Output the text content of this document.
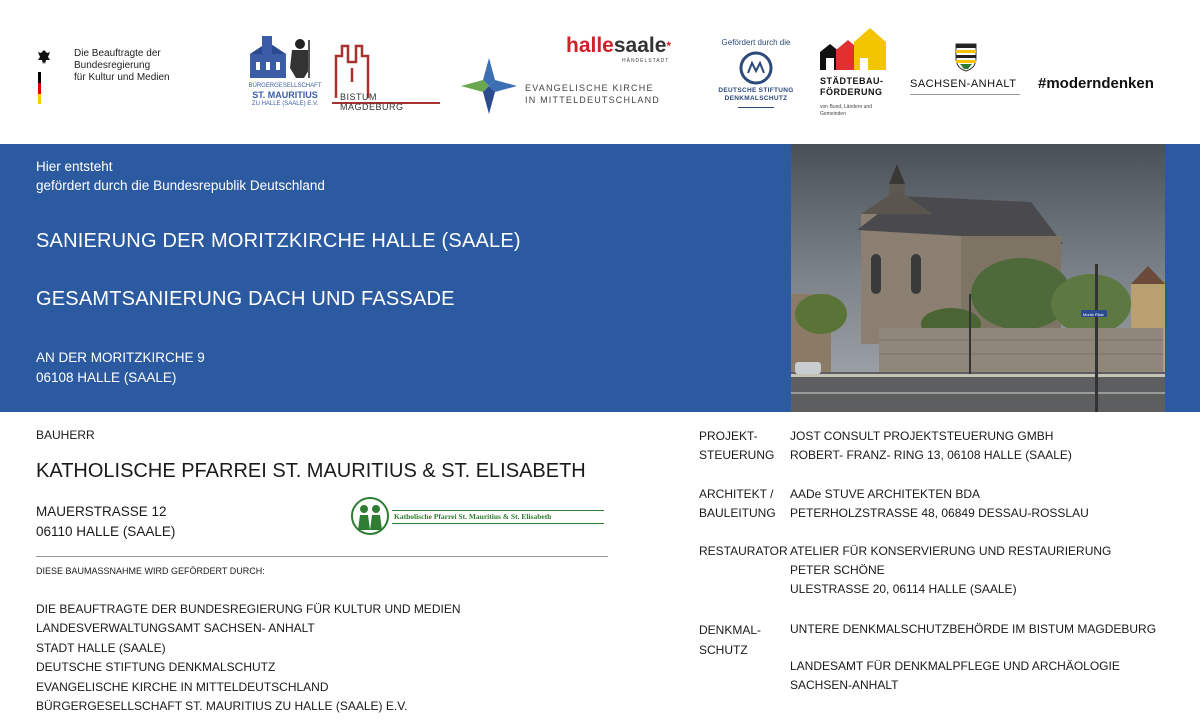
Die Beauftragte der Bundesregierung
für Kultur und Medien
BÜRGERGESELLSCHAFT
ST. MAURITIUS
ZU HALLE (SAALE) E.V.
BISTUM MAGDEBURG
EVANGELISCHE KIRCHE
IN MITTELDEUTSCHLAND
hallesaale*
HÄNDELSTADT
Gefördert durch die
DEUTSCHE STIFTUNG
DENKMALSCHUTZ
STÄDTEBAU-
FÖRDERUNG
von Bund, Ländern und
Gemeinden
SACHSEN-ANHALT #moderndenken
Hier entsteht
gefördert durch die Bundesrepublik Deutschland
SANIERUNG DER MORITZKIRCHE HALLE (SAALE)
GESAMTSANIERUNG DACH UND FASSADE
AN DER MORITZKIRCHE 9
06108 HALLE (SAALE)
Moritz Platz
BAUHERR
KATHOLISCHE PFARREI ST. MAURITIUS & ST. ELISABETH
MAUERSTRASSE 12
06110 HALLE (SAALE)
Katholische Pfarrei St. Mauritius & St. Elisabeth
DIESE BAUMASSNAHME WIRD GEFÖRDERT DURCH:
DIE BEAUFTRAGTE DER BUNDESREGIERUNG FÜR KULTUR UND MEDIEN
LANDESVERWALTUNGSAMT SACHSEN- ANHALT
STADT HALLE (SAALE)
DEUTSCHE STIFTUNG DENKMALSCHUTZ
EVANGELISCHE KIRCHE IN MITTELDEUTSCHLAND
BÜRGERGESELLSCHAFT ST. MAURITIUS ZU HALLE (SAALE) E.V.
PROJEKT-
STEUERUNG
JOST CONSULT PROJEKTSTEUERUNG GMBH
ROBERT- FRANZ- RING 13, 06108 HALLE (SAALE)
ARCHITEKT /
BAULEITUNG
AADe STUVE ARCHITEKTEN BDA
PETERHOLZSTRASSE 48, 06849 DESSAU-ROSSLAU
RESTAURATOR ATELIER FÜR KONSERVIERUNG UND RESTAURIERUNG
PETER SCHÖNE
ULESTRASSE 20, 06114 HALLE (SAALE)
DENKMAL-
SCHUTZ
UNTERE DENKMALSCHUTZBEHÖRDE IM BISTUM MAGDEBURG
LANDESAMT FÜR DENKMALPFLEGE UND ARCHÄOLOGIE
SACHSEN-ANHALT
